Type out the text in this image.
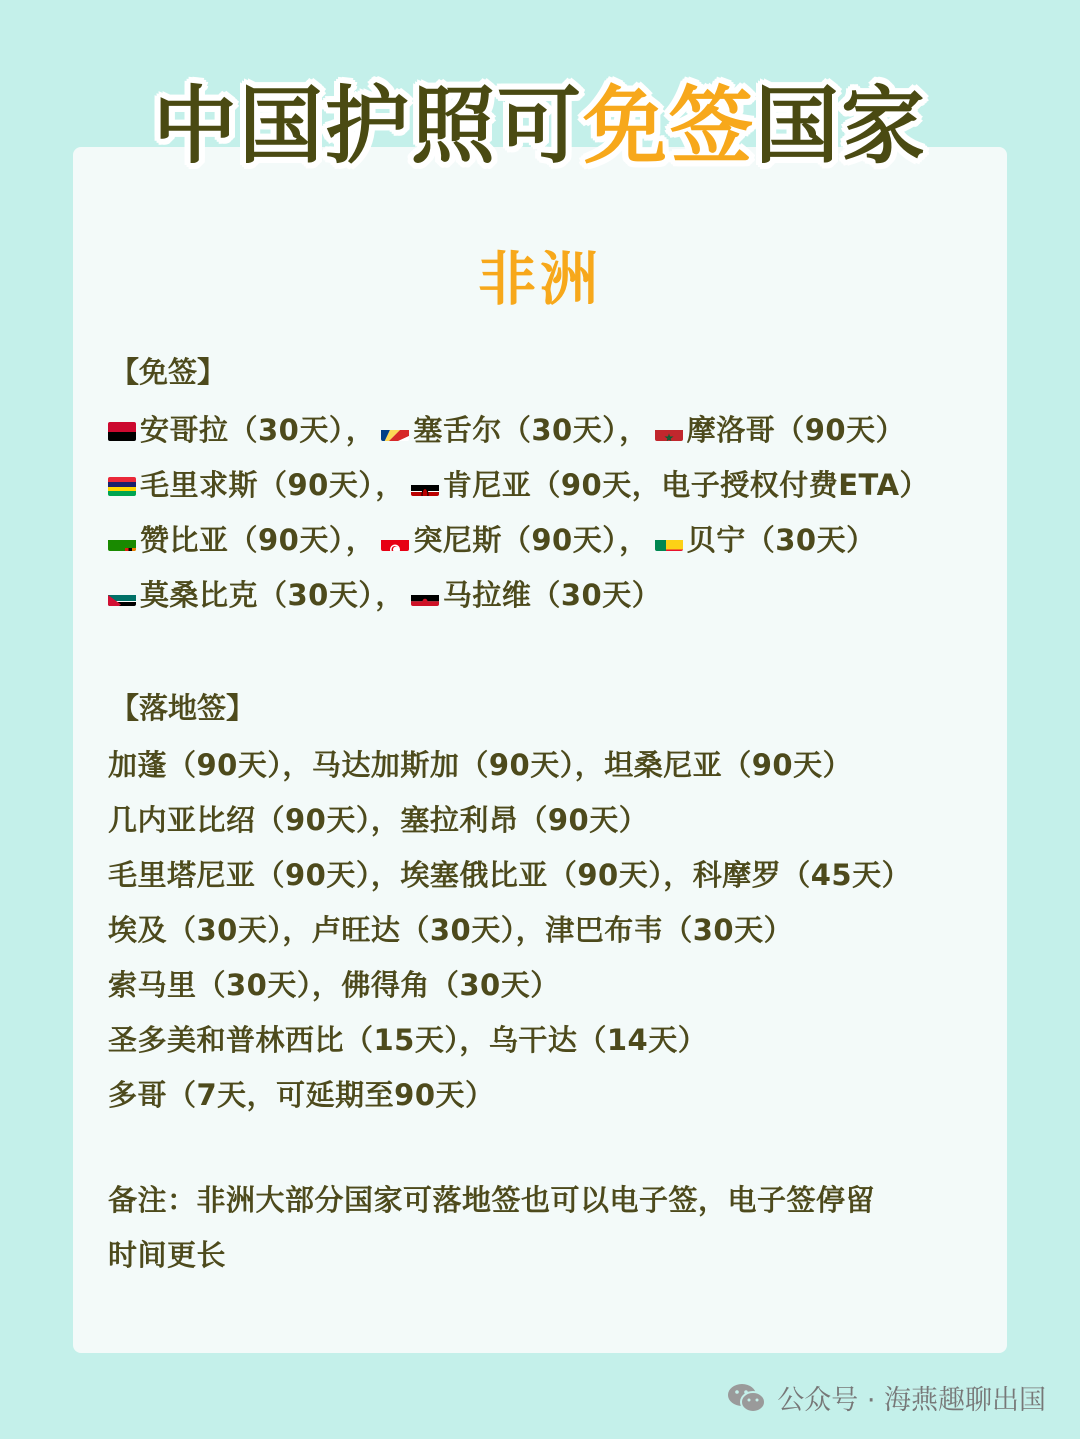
中国护照可免签国家
非洲
【免签】
安哥拉（30天）， 塞舌尔（30天）， 摩洛哥（90天）
毛里求斯（90天）， 肯尼亚（90天，电子授权付费ETA）
赞比亚（90天）， 突尼斯（90天）， 贝宁（30天）
莫桑比克（30天）， 马拉维（30天）
【落地签】
加蓬（90天），马达加斯加（90天），坦桑尼亚（90天）
几内亚比绍（90天），塞拉利昂（90天）
毛里塔尼亚（90天），埃塞俄比亚（90天），科摩罗（45天）
埃及（30天），卢旺达（30天），津巴布韦（30天）
索马里（30天），佛得角（30天）
圣多美和普林西比（15天），乌干达（14天）
多哥（7天，可延期至90天）
备注：非洲大部分国家可落地签也可以电子签，电子签停留
时间更长
公众号 · 海燕趣聊出国
